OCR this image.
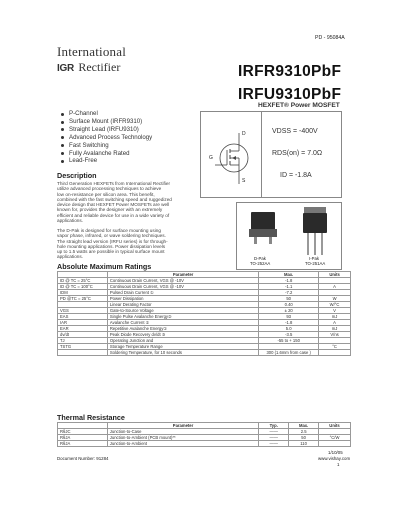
PD - 95084A
International
IGR Rectifier	IRFR9310PbF
IRFU9310PbF
HEXFET® Power MOSFET
P-Channel
Surface Mount (IRFR9310)
Straight Lead (IRFU9310)
Advanced Process Technology
Fast Switching
Fully Avalanche Rated
Lead-Free	G
D
S
VDSS = -400V
RDS(on) = 7.0Ω
ID = -1.8A
D-Pak
TO-252AA
I-Pak
TO-251AA
Description
Third Generation HEXFETs from International Rectifier
utilize advanced processing techniques to achieve
low on-resistance per silicon area. This benefit,
combined with the fast switching speed and ruggedized
device design that HEXFET Power MOSFETs are well
known for, provides the designer with an extremely
efficient and reliable device for use in a wide variety of
applications.
The D-Pak is designed for surface mounting using
vapor phase, infrared, or wave soldering techniques.
The straight lead version (IRFU series) is for through-
hole mounting applications. Power dissipation levels
up to 1.5 watts are possible in typical surface mount
applications.
Absolute Maximum Ratings
	Parameter	Max.	Units
ID @ TC = 25°C	Continuous Drain Current, VGS @ -10V	-1.8	
ID @ TC = 100°C	Continuous Drain Current, VGS @ -10V	-1.1	A
IDM	Pulsed Drain Current ①	-7.2	
PD @TC = 25°C	Power Dissipation	50	W
	Linear Derating Factor	0.40	W/°C
VGS	Gate-to-Source Voltage	± 20	V
EAS	Single Pulse Avalanche Energy②	93	mJ
IAR	Avalanche Current ①	-1.8	A
EAR	Repetitive Avalanche Energy①	5.0	mJ
dv/dt	Peak Diode Recovery dv/dt ③	-3.5	V/ns
TJ	Operating Junction and	-55 to + 150	
TSTG	Storage Temperature Range		°C
	Soldering Temperature, for 10 seconds	300 (1.6mm from case )	
Thermal Resistance
	Parameter	Typ.	Max.	Units
RθJC	Junction-to-Case	——	2.5	
RθJA	Junction-to-Ambient (PCB mount)**	——	50	°C/W
RθJA	Junction-to-Ambient	——	110	
1/10/05
Document Number: 91284	www.vishay.com
1
